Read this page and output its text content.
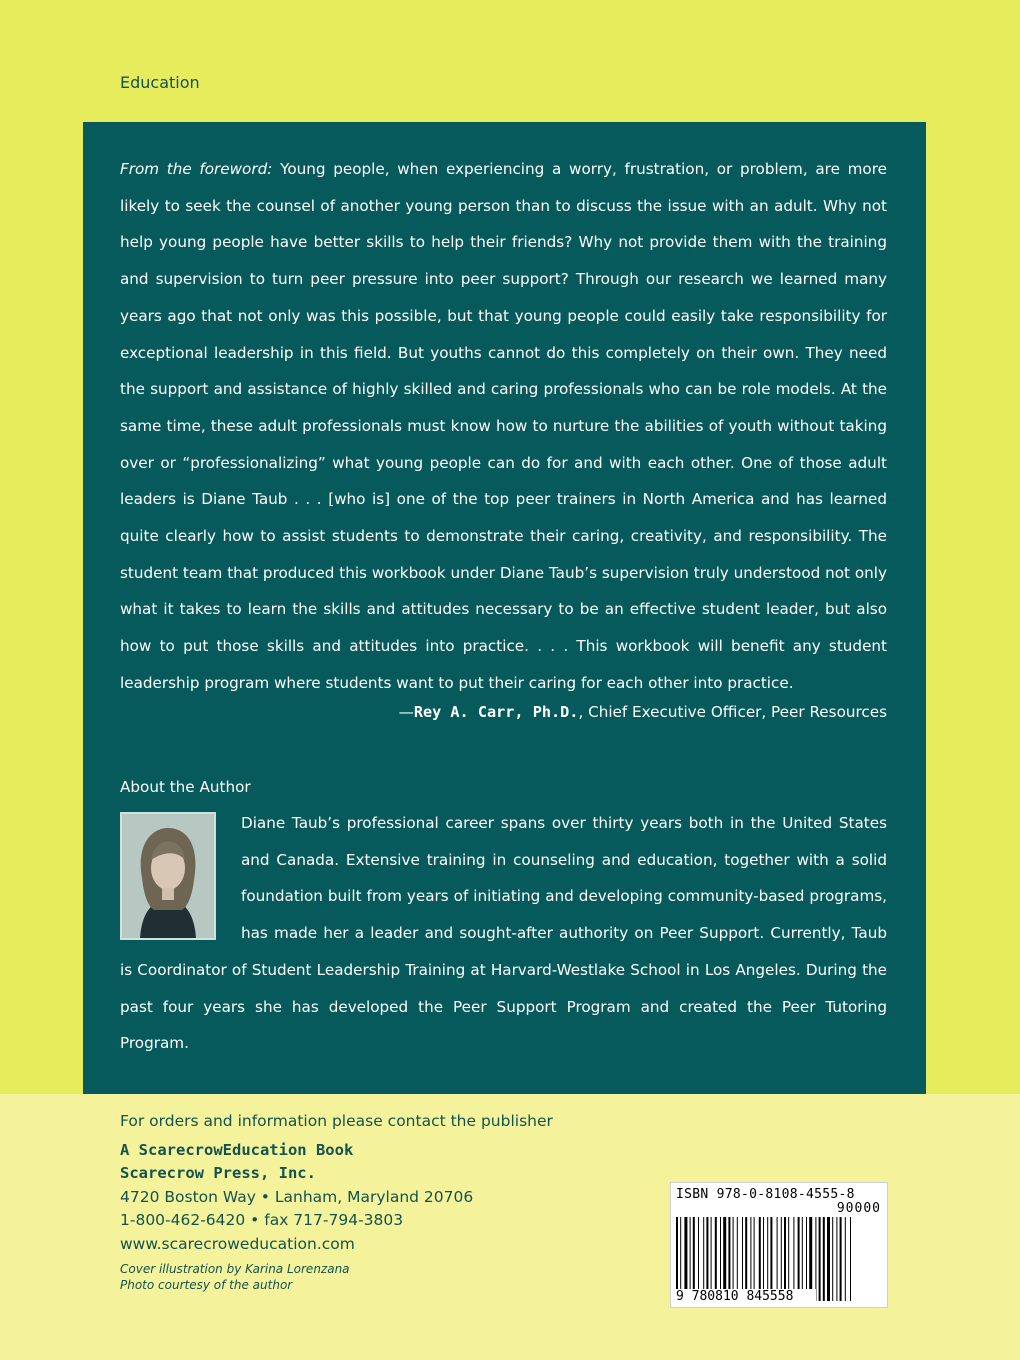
Education

From the foreword: Young people, when experiencing a worry, frustration, or problem, are more likely to seek the counsel of another young person than to discuss the issue with an adult. Why not help young people have better skills to help their friends? Why not provide them with the training and supervision to turn peer pressure into peer support? Through our research we learned many years ago that not only was this possible, but that young people could easily take responsibility for exceptional leadership in this field. But youths cannot do this completely on their own. They need the support and assistance of highly skilled and caring professionals who can be role models. At the same time, these adult professionals must know how to nurture the abilities of youth without taking over or “professionalizing” what young people can do for and with each other. One of those adult leaders is Diane Taub . . . [who is] one of the top peer trainers in North America and has learned quite clearly how to assist students to demonstrate their caring, creativity, and responsibility. The student team that produced this workbook under Diane Taub’s supervision truly understood not only what it takes to learn the skills and attitudes necessary to be an effective student leader, but also how to put those skills and attitudes into practice. . . . This workbook will benefit any student leadership program where students want to put their caring for each other into practice.

—Rey A. Carr, Ph.D., Chief Executive Officer, Peer Resources
About the Author

Diane Taub’s professional career spans over thirty years both in the United States and Canada. Extensive training in counseling and education, together with a solid foundation built from years of initiating and developing community-based programs, has made her a leader and sought-after authority on Peer Support. Currently, Taub is Coordinator of Student Leadership Training at Harvard-Westlake School in Los Angeles. During the past four years she has developed the Peer Support Program and created the Peer Tutoring Program.

For orders and information please contact the publisher
A ScarecrowEducation Book
Scarecrow Press, Inc.
4720 Boston Way • Lanham, Maryland 20706
1-800-462-6420 • fax 717-794-3803
www.scarecroweducation.com
Cover illustration by Karina Lorenzana
Photo courtesy of the author
ISBN 978-0-8108-4555-8
90000
9 780810 845558
